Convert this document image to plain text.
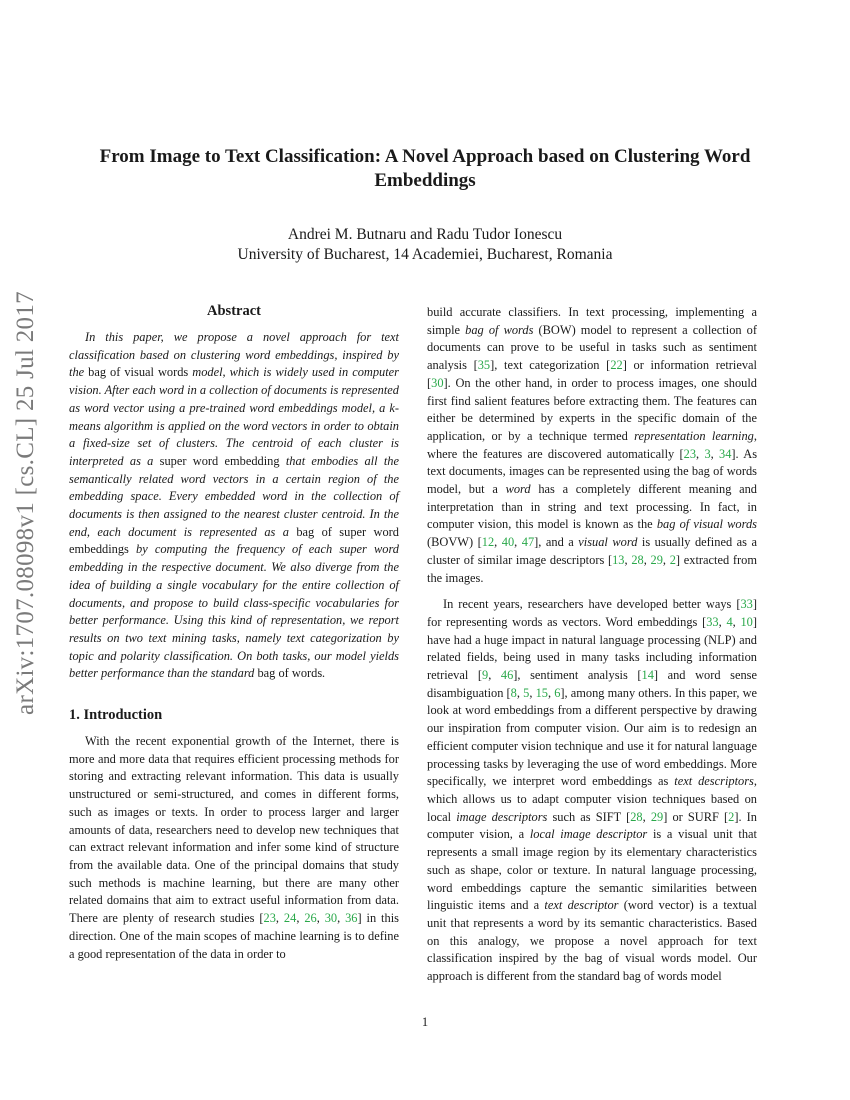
arXiv:1707.08098v1 [cs.CL] 25 Jul 2017
From Image to Text Classification: A Novel Approach based on Clustering Word
Embeddings
Andrei M. Butnaru and Radu Tudor Ionescu
University of Bucharest, 14 Academiei, Bucharest, Romania
Abstract

In this paper, we propose a novel approach for text classification based on clustering word embeddings, inspired by the bag of visual words model, which is widely used in computer vision. After each word in a collection of documents is represented as word vector using a pre-trained word embeddings model, a k-means algorithm is applied on the word vectors in order to obtain a fixed-size set of clusters. The centroid of each cluster is interpreted as a super word embedding that embodies all the semantically related word vectors in a certain region of the embedding space. Every embedded word in the collection of documents is then assigned to the nearest cluster centroid. In the end, each document is represented as a bag of super word embeddings by computing the frequency of each super word embedding in the respective document. We also diverge from the idea of building a single vocabulary for the entire collection of documents, and propose to build class-specific vocabularies for better performance. Using this kind of representation, we report results on two text mining tasks, namely text categorization by topic and polarity classification. On both tasks, our model yields better performance than the standard bag of words.

1. Introduction

With the recent exponential growth of the Internet, there is more and more data that requires efficient processing methods for storing and extracting relevant information. This data is usually unstructured or semi-structured, and comes in different forms, such as images or texts. In order to process larger and larger amounts of data, researchers need to develop new techniques that can extract relevant information and infer some kind of structure from the available data. One of the principal domains that study such methods is machine learning, but there are many other related domains that aim to extract useful information from data. There are plenty of research studies [23, 24, 26, 30, 36] in this direction. One of the main scopes of machine learning is to define a good representation of the data in order to

build accurate classifiers. In text processing, implementing a simple bag of words (BOW) model to represent a collection of documents can prove to be useful in tasks such as sentiment analysis [35], text categorization [22] or information retrieval [30]. On the other hand, in order to process images, one should first find salient features before extracting them. The features can either be determined by experts in the specific domain of the application, or by a technique termed representation learning, where the features are discovered automatically [23, 3, 34]. As text documents, images can be represented using the bag of words model, but a word has a completely different meaning and interpretation than in string and text processing. In fact, in computer vision, this model is known as the bag of visual words (BOVW) [12, 40, 47], and a visual word is usually defined as a cluster of similar image descriptors [13, 28, 29, 2] extracted from the images.

In recent years, researchers have developed better ways [33] for representing words as vectors. Word embeddings [33, 4, 10] have had a huge impact in natural language processing (NLP) and related fields, being used in many tasks including information retrieval [9, 46], sentiment analysis [14] and word sense disambiguation [8, 5, 15, 6], among many others. In this paper, we look at word embeddings from a different perspective by drawing our inspiration from computer vision. Our aim is to redesign an efficient computer vision technique and use it for natural language processing tasks by leveraging the use of word embeddings. More specifically, we interpret word embeddings as text descriptors, which allows us to adapt computer vision techniques based on local image descriptors such as SIFT [28, 29] or SURF [2]. In computer vision, a local image descriptor is a visual unit that represents a small image region by its elementary characteristics such as shape, color or texture. In natural language processing, word embeddings capture the semantic similarities between linguistic items and a text descriptor (word vector) is a textual unit that represents a word by its semantic characteristics. Based on this analogy, we propose a novel approach for text classification inspired by the bag of visual words model. Our approach is different from the standard bag of words model

1
